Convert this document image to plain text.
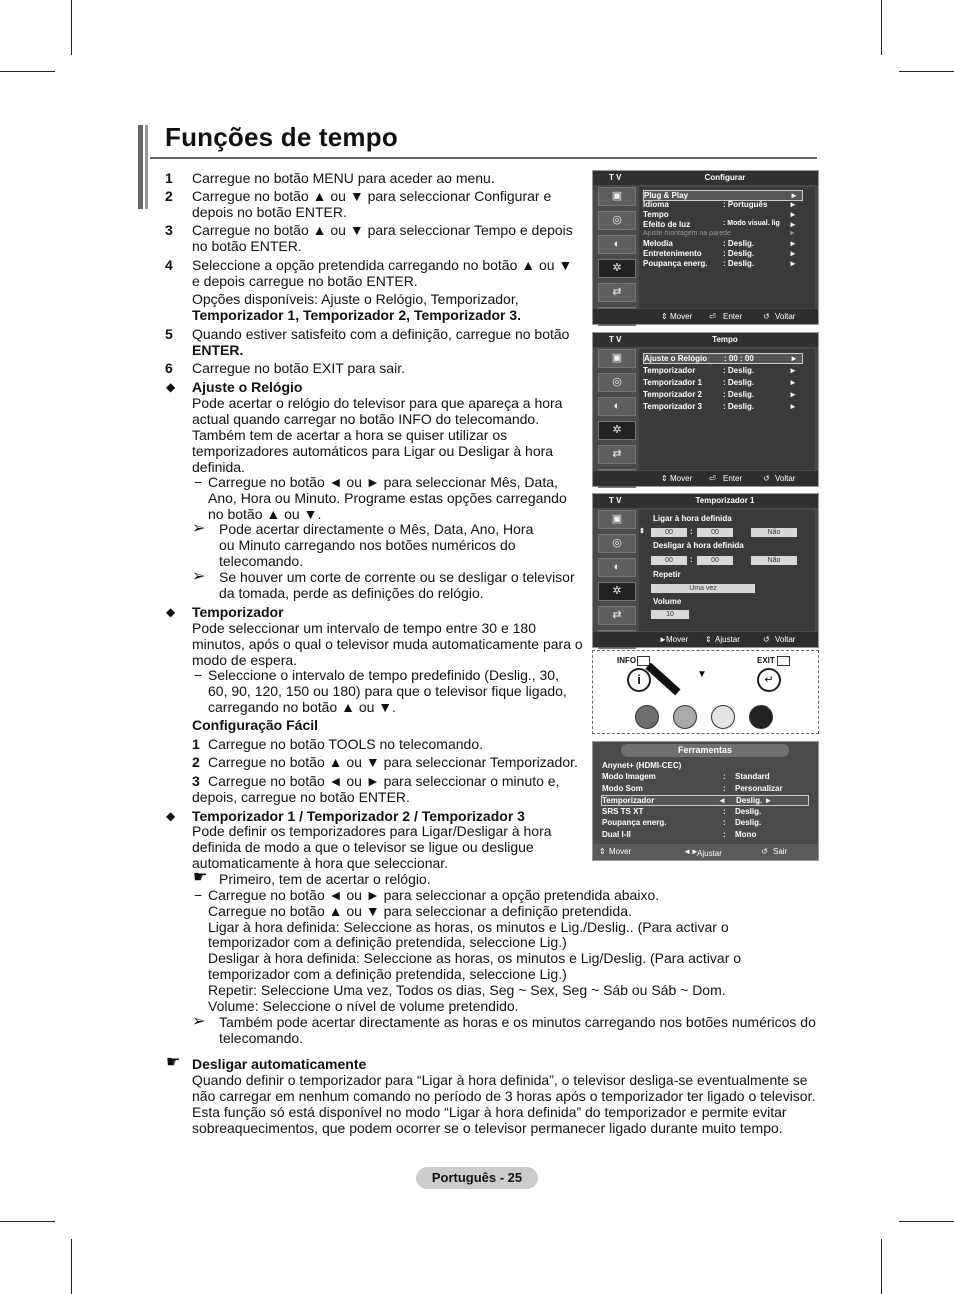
Funções de tempo
1 Carregue no botão MENU para aceder ao menu.
2 Carregue no botão ▲ ou ▼ para seleccionar Configurar e
depois no botão ENTER.
3 Carregue no botão ▲ ou ▼ para seleccionar Tempo e depois
no botão ENTER.
4 Seleccione a opção pretendida carregando no botão ▲ ou ▼
e depois carregue no botão ENTER.
Opções disponíveis: Ajuste o Relógio, Temporizador,
Temporizador 1, Temporizador 2, Temporizador 3.
5 Quando estiver satisfeito com a definição, carregue no botão
ENTER.
6 Carregue no botão EXIT para sair.
◆ Ajuste o Relógio
Pode acertar o relógio do televisor para que apareça a hora
actual quando carregar no botão INFO do telecomando.
Também tem de acertar a hora se quiser utilizar os
temporizadores automáticos para Ligar ou Desligar à hora
definida.
− Carregue no botão ◄ ou ► para seleccionar Mês, Data,
Ano, Hora ou Minuto. Programe estas opções carregando
no botão ▲ ou ▼.
➢ Pode acertar directamente o Mês, Data, Ano, Hora
ou Minuto carregando nos botões numéricos do
telecomando.
➢ Se houver um corte de corrente ou se desligar o televisor
da tomada, perde as definições do relógio.
◆ Temporizador
Pode seleccionar um intervalo de tempo entre 30 e 180
minutos, após o qual o televisor muda automaticamente para o
modo de espera.
− Seleccione o intervalo de tempo predefinido (Deslig., 30,
60, 90, 120, 150 ou 180) para que o televisor fique ligado,
carregando no botão ▲ ou ▼.
Configuração Fácil
1 Carregue no botão TOOLS no telecomando.
2 Carregue no botão ▲ ou ▼ para seleccionar Temporizador.
3 Carregue no botão ◄ ou ► para seleccionar o minuto e,
depois, carregue no botão ENTER.
◆ Temporizador 1 / Temporizador 2 / Temporizador 3
Pode definir os temporizadores para Ligar/Desligar à hora
definida de modo a que o televisor se ligue ou desligue
automaticamente à hora que seleccionar.
☛ Primeiro, tem de acertar o relógio.
− Carregue no botão ◄ ou ► para seleccionar a opção pretendida abaixo.
Carregue no botão ▲ ou ▼ para seleccionar a definição pretendida.
Ligar à hora definida: Seleccione as horas, os minutos e Lig./Deslig.. (Para activar o
temporizador com a definição pretendida, seleccione Lig.)
Desligar à hora definida: Seleccione as horas, os minutos e Lig/Deslig. (Para activar o
temporizador com a definição pretendida, seleccione Lig.)
Repetir: Seleccione Uma vez, Todos os dias, Seg ~ Sex, Seg ~ Sáb ou Sáb ~ Dom.
Volume: Seleccione o nível de volume pretendido.
➢ Também pode acertar directamente as horas e os minutos carregando nos botões numéricos do
telecomando.
☛ Desligar automaticamente
Quando definir o temporizador para “Ligar à hora definida”, o televisor desliga-se eventualmente se
não carregar em nenhum comando no período de 3 horas após o temporizador ter ligado o televisor.
Esta função só está disponível no modo “Ligar à hora definida” do temporizador e permite evitar
sobreaquecimentos, que podem ocorrer se o televisor permanecer ligado durante muito tempo.
T V	Configurar
▣
◎
◐
✲
⇄
Plug & Play	►
Idioma	: Português	►
Tempo	►
Efeito de luz	: Modo visual. lig ►
Ajuste montagem na parede	►
Melodia	: Deslig.	►
Entretenimento	: Deslig.	►
Poupança energ. : Deslig.	►
⇕ Mover ⏎ Enter	↺ Voltar
T V	Tempo
▣
◎
◐
✲
⇄
Ajuste o Relógio : 00 : 00	►
Temporizador	: Deslig.	►
Temporizador 1	: Deslig.	►
Temporizador 2	: Deslig.	►
Temporizador 3	: Deslig.	►
⇕ Mover ⏎ Enter	↺ Voltar
T V	Temporizador 1
▣
◎
◐
✲
⇄
Ligar à hora definida
⇕	00	:	00	Não
Desligar à hora definida
00	:	00	Não
Repetir
Uma vez
Volume
10
► Mover ⇕ Ajustar	↺ Voltar
INFO	EXIT
i	▼	↵
Ferramentas
Anynet+ (HDMI-CEC)
Modo Imagem	: Standard
Modo Som	: Personalizar
Temporizador	◄ Deslig. ►
SRS TS XT	: Deslig.
Poupança energ.	: Deslig.
Dual I-II	: Mono
⇕ Mover	◄►
Ajustar	↺ Sair
Português - 25
